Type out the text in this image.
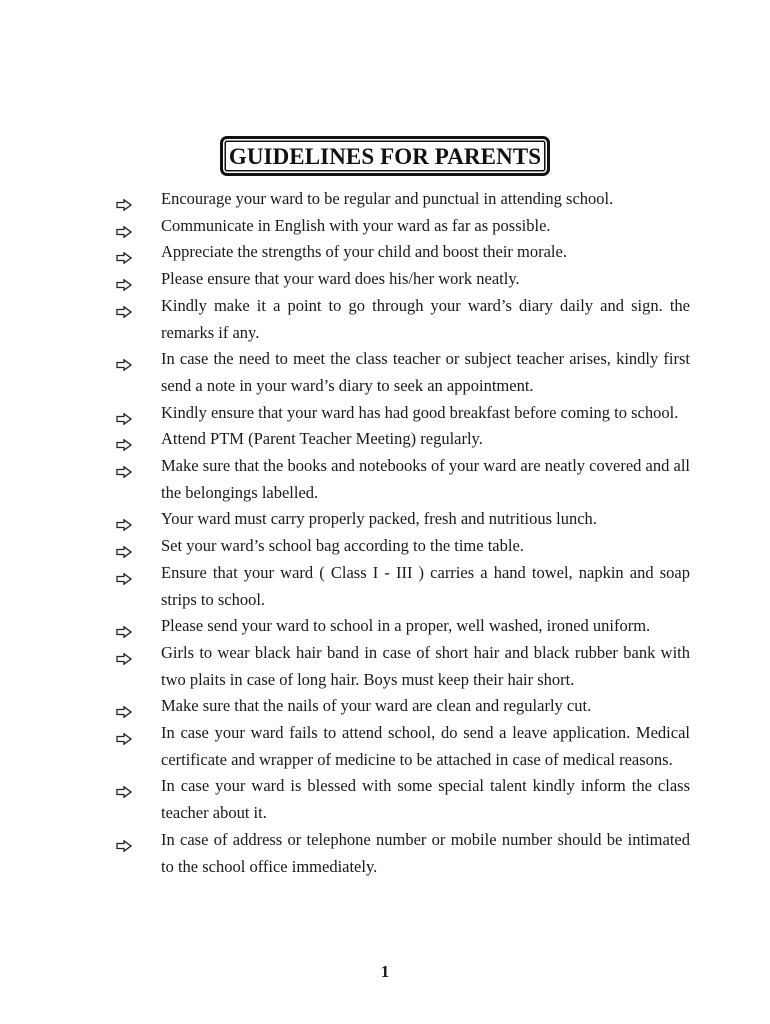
GUIDELINES FOR PARENTS
Encourage your ward to be regular and punctual in attending school.
Communicate in English with your ward as far as possible.
Appreciate the strengths of your child and boost their morale.
Please ensure that your ward does his/her work neatly.
Kindly make it a point to go through your ward’s diary daily and sign. the remarks if any.
In case the need to meet the class teacher or subject teacher arises, kindly first send a note in your ward’s diary to seek an appointment.
Kindly ensure that your ward has had good breakfast before coming to school.
Attend PTM (Parent Teacher Meeting) regularly.
Make sure that the books and notebooks of your ward are neatly covered and all the belongings labelled.
Your ward must carry properly packed, fresh and nutritious lunch.
Set your ward’s school bag according to the time table.
Ensure that your ward ( Class I - III ) carries a hand towel, napkin and soap strips to school.
Please send your ward to school in a proper, well washed, ironed uniform.
Girls to wear black hair band in case of short hair and black rubber bank with two plaits in case of long hair. Boys must keep their hair short.
Make sure that the nails of your ward are clean and regularly cut.
In case your ward fails to attend school, do send a leave application. Medical certificate and wrapper of medicine to be attached in case of medical reasons.
In case your ward is blessed with some special talent kindly inform the class teacher about it.
In case of address or telephone number or mobile number should be intimated to the school office immediately.
1
